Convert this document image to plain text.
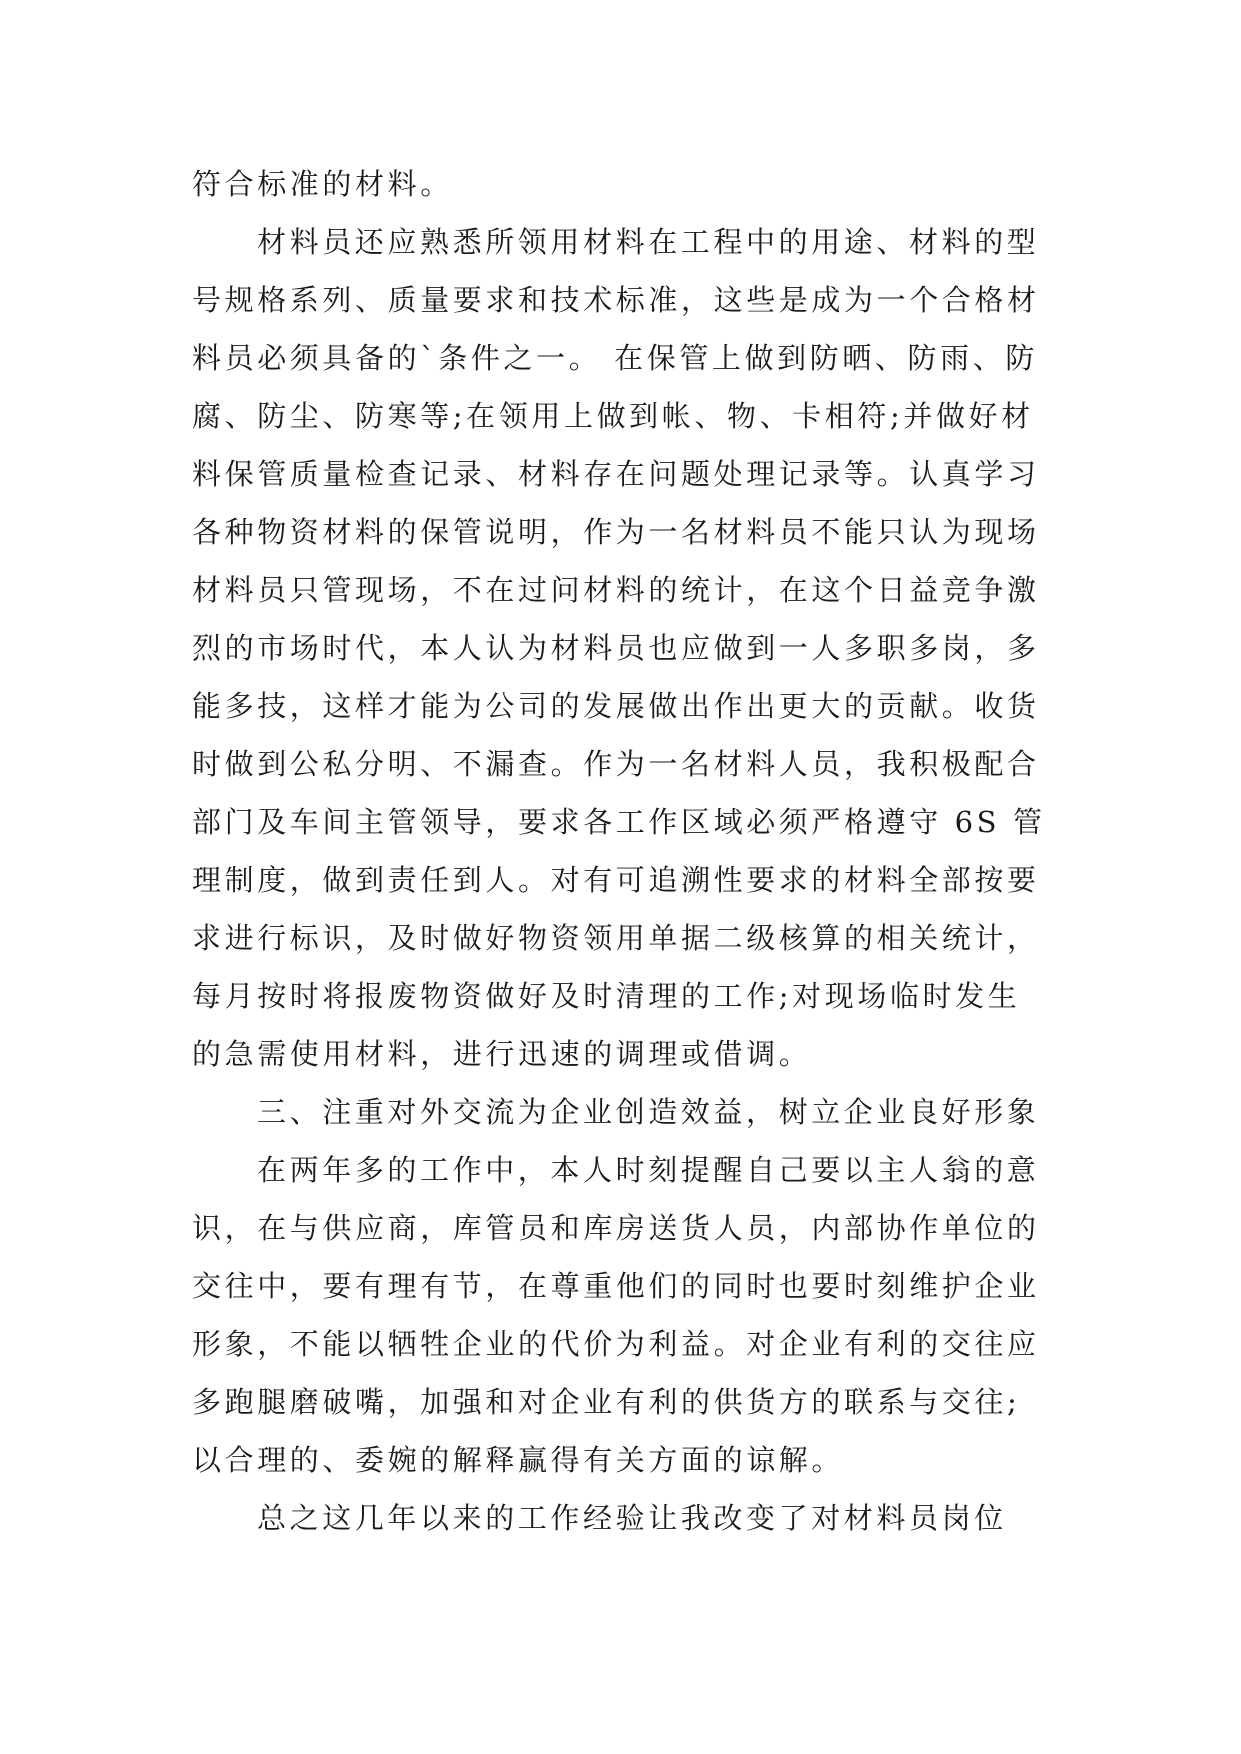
符合标准的材料。
材料员还应熟悉所领用材料在工程中的用途、材料的型
号规格系列、质量要求和技术标准，这些是成为一个合格材
料员必须具备的`条件之一。 在保管上做到防晒、防雨、防
腐、防尘、防寒等;在领用上做到帐、物、卡相符;并做好材
料保管质量检查记录、材料存在问题处理记录等。认真学习
各种物资材料的保管说明，作为一名材料员不能只认为现场
材料员只管现场，不在过问材料的统计，在这个日益竞争激
烈的市场时代，本人认为材料员也应做到一人多职多岗，多
能多技，这样才能为公司的发展做出作出更大的贡献。收货
时做到公私分明、不漏查。作为一名材料人员，我积极配合
部门及车间主管领导，要求各工作区域必须严格遵守 6S 管
理制度，做到责任到人。对有可追溯性要求的材料全部按要
求进行标识，及时做好物资领用单据二级核算的相关统计，
每月按时将报废物资做好及时清理的工作;对现场临时发生
的急需使用材料，进行迅速的调理或借调。
三、注重对外交流为企业创造效益，树立企业良好形象
在两年多的工作中，本人时刻提醒自己要以主人翁的意
识，在与供应商，库管员和库房送货人员，内部协作单位的
交往中，要有理有节，在尊重他们的同时也要时刻维护企业
形象，不能以牺牲企业的代价为利益。对企业有利的交往应
多跑腿磨破嘴，加强和对企业有利的供货方的联系与交往;
以合理的、委婉的解释赢得有关方面的谅解。
总之这几年以来的工作经验让我改变了对材料员岗位
